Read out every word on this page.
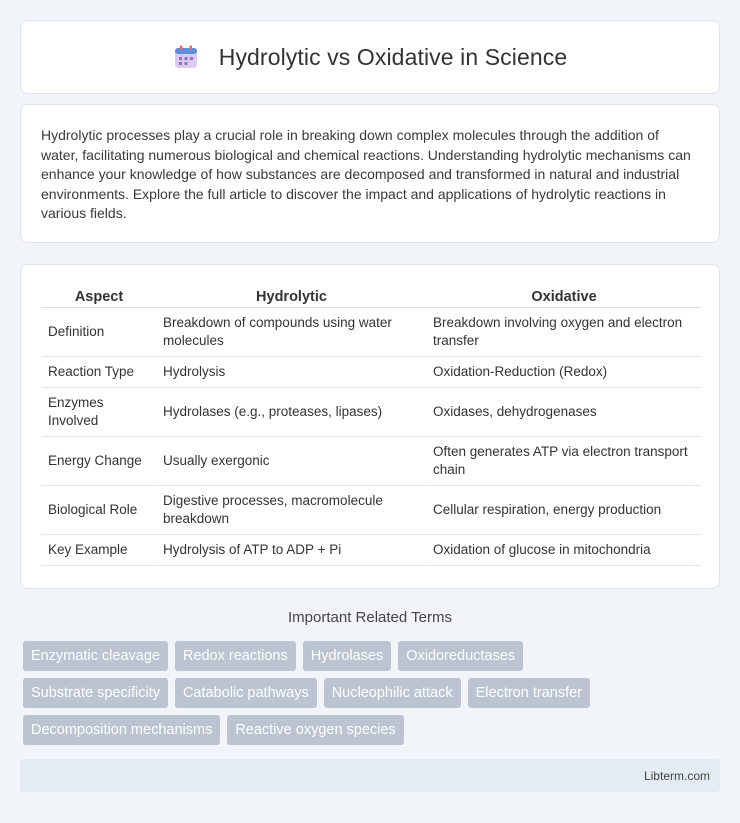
Hydrolytic vs Oxidative in Science

Hydrolytic processes play a crucial role in breaking down complex molecules through the addition of water, facilitating numerous biological and chemical reactions. Understanding hydrolytic mechanisms can enhance your knowledge of how substances are decomposed and transformed in natural and industrial environments. Explore the full article to discover the impact and applications of hydrolytic reactions in various fields.

Aspect	Hydrolytic	Oxidative
Definition	Breakdown of compounds using water molecules	Breakdown involving oxygen and electron transfer
Reaction Type	Hydrolysis	Oxidation-Reduction (Redox)
Enzymes Involved	Hydrolases (e.g., proteases, lipases)	Oxidases, dehydrogenases
Energy Change	Usually exergonic	Often generates ATP via electron transport chain
Biological Role	Digestive processes, macromolecule breakdown	Cellular respiration, energy production
Key Example	Hydrolysis of ATP to ADP + Pi	Oxidation of glucose in mitochondria
Important Related Terms
Enzymatic cleavage	Redox reactions	Hydrolases	Oxidoreductases
Substrate specificity	Catabolic pathways	Nucleophilic attack	Electron transfer
Decomposition mechanisms	Reactive oxygen species
Libterm.com
